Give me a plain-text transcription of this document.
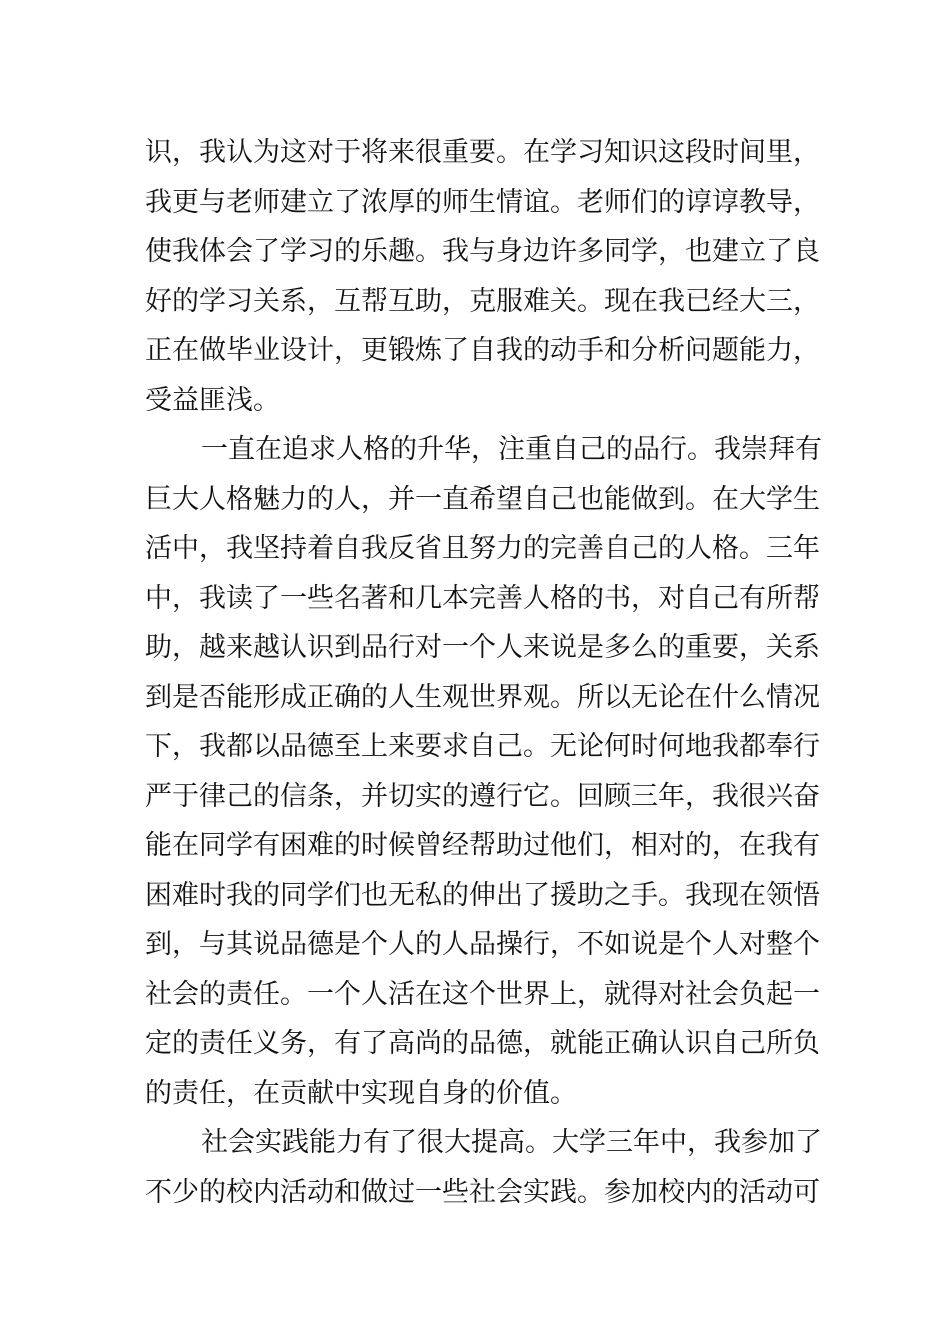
识，我认为这对于将来很重要。在学习知识这段时间里，
我更与老师建立了浓厚的师生情谊。老师们的谆谆教导，
使我体会了学习的乐趣。我与身边许多同学，也建立了良
好的学习关系，互帮互助，克服难关。现在我已经大三，
正在做毕业设计，更锻炼了自我的动手和分析问题能力，
受益匪浅。
一直在追求人格的升华，注重自己的品行。我崇拜有
巨大人格魅力的人，并一直希望自己也能做到。在大学生
活中，我坚持着自我反省且努力的完善自己的人格。三年
中，我读了一些名著和几本完善人格的书，对自己有所帮
助，越来越认识到品行对一个人来说是多么的重要，关系
到是否能形成正确的人生观世界观。所以无论在什么情况
下，我都以品德至上来要求自己。无论何时何地我都奉行
严于律己的信条，并切实的遵行它。回顾三年，我很兴奋
能在同学有困难的时候曾经帮助过他们，相对的，在我有
困难时我的同学们也无私的伸出了援助之手。我现在领悟
到，与其说品德是个人的人品操行，不如说是个人对整个
社会的责任。一个人活在这个世界上，就得对社会负起一
定的责任义务，有了高尚的品德，就能正确认识自己所负
的责任，在贡献中实现自身的价值。
社会实践能力有了很大提高。大学三年中，我参加了
不少的校内活动和做过一些社会实践。参加校内的活动可
